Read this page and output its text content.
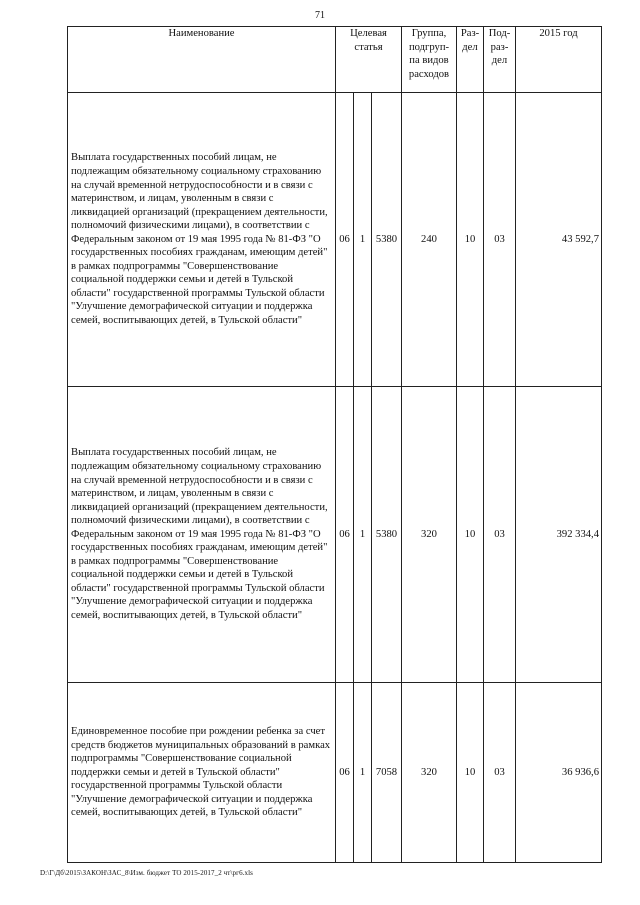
71
Наименование	Целевая статья			Группа, подгруп-па видов расходов	Раз-дел	Под-раз-дел	2015 год
Выплата государственных пособий лицам, не подлежащим обязательному социальному страхованию на случай временной нетрудоспособности и в связи с материнством, и лицам, уволенным в связи с ликвидацией организаций (прекращением деятельности, полномочий физическими лицами), в соответствии с Федеральным законом от 19 мая 1995 года № 81-ФЗ "О государственных пособиях гражданам, имеющим детей" в рамках подпрограммы "Совершенствование социальной поддержки семьи и детей в Тульской области" государственной программы Тульской области "Улучшение демографической ситуации и поддержка семей, воспитывающих детей, в Тульской области"	06	1	5380	240	10	03	43 592,7
Выплата государственных пособий лицам, не подлежащим обязательному социальному страхованию на случай временной нетрудоспособности и в связи с материнством, и лицам, уволенным в связи с ликвидацией организаций (прекращением деятельности, полномочий физическими лицами), в соответствии с Федеральным законом от 19 мая 1995 года № 81-ФЗ "О государственных пособиях гражданам, имеющим детей" в рамках подпрограммы "Совершенствование социальной поддержки семьи и детей в Тульской области" государственной программы Тульской области "Улучшение демографической ситуации и поддержка семей, воспитывающих детей, в Тульской области"	06	1	5380	320	10	03	392 334,4
Единовременное пособие при рождении ребенка за счет средств бюджетов муниципальных образований в рамках подпрограммы "Совершенствование социальной поддержки семьи и детей в Тульской области" государственной программы Тульской области "Улучшение демографической ситуации и поддержка семей, воспитывающих детей, в Тульской области"	06	1	7058	320	10	03	36 936,6
D:\Г\Дб\2015\ЗАКОН\ЗАС_8\Изм. бюджет ТО 2015-2017_2 чт\рг6.xls
